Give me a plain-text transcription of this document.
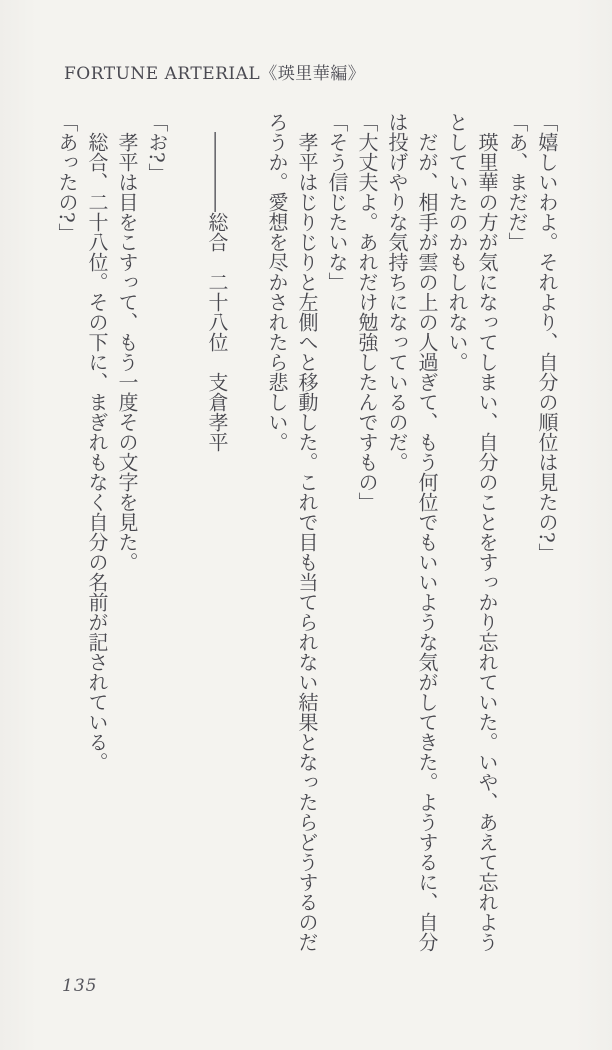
FORTUNE ARTERIAL《瑛里華編》

「嬉しいわよ。それより、自分の順位は見たの?」

「あ、まだだ」

瑛里華の方が気になってしまい、自分のことをすっかり忘れていた。いや、あえて忘れようとしていたのかもしれない。

だが、相手が雲の上の人過ぎて、もう何位でもいいような気がしてきた。ようするに、自分は投げやりな気持ちになっているのだ。

「大丈夫よ。あれだけ勉強したんですもの」

「そう信じたいな」

孝平はじりじりと左側へと移動した。これで目も当てられない結果となったらどうするのだろうか。愛想を尽かされたら悲しい。

――――総合　二十八位　支倉孝平

「お?」

孝平は目をこすって、もう一度その文字を見た。

総合、二十八位。その下に、まぎれもなく自分の名前が記されている。

「あったの?」

135
